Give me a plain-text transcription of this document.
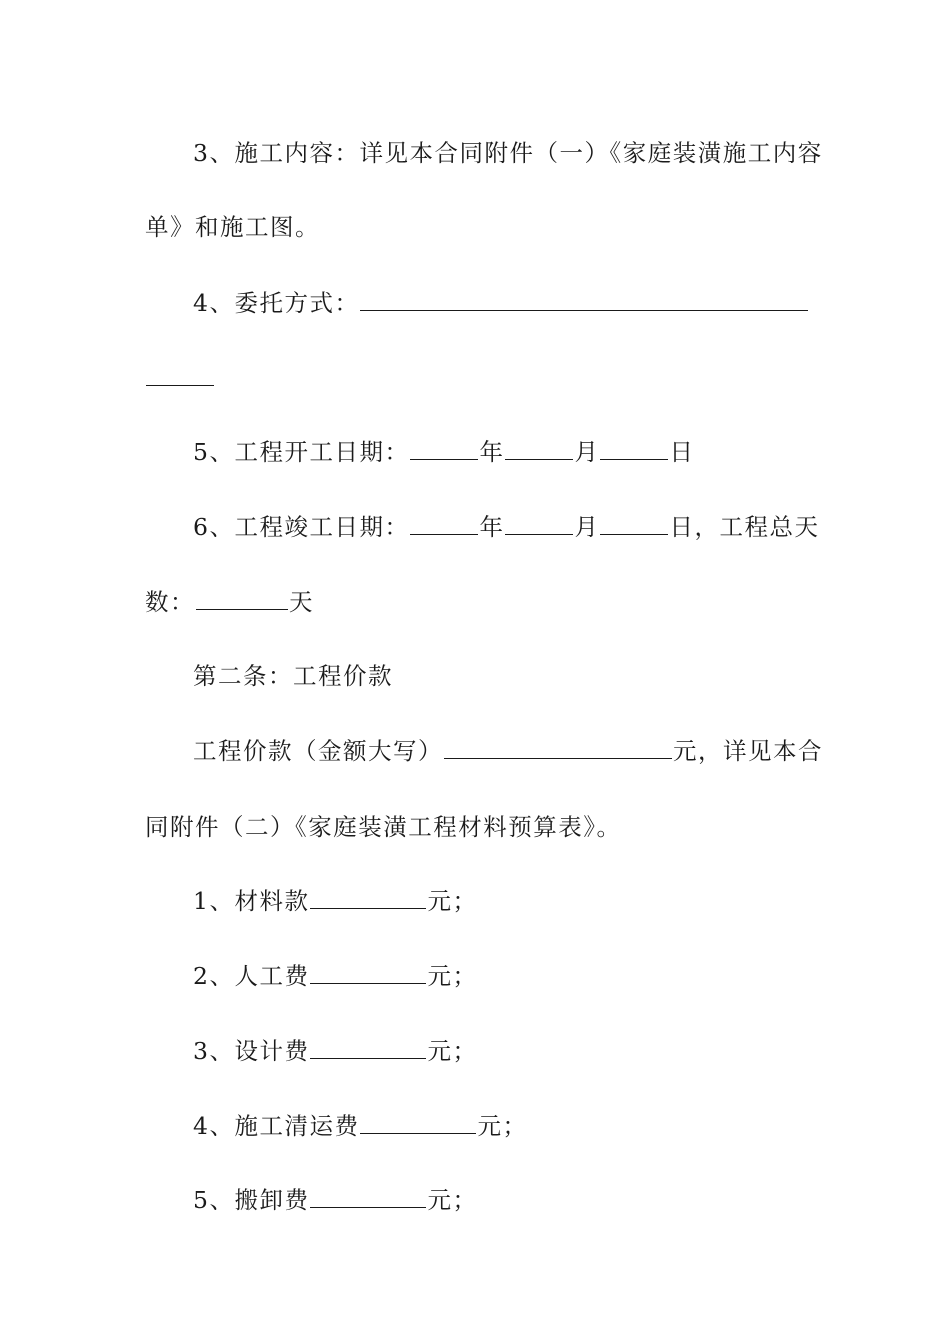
3、施工内容：详见本合同附件（一）《家庭装潢施工内容
单》和施工图。
4、委托方式：
5、工程开工日期：	年	月	日
6、工程竣工日期：	年	月	日，工程总天
数：	天
第二条：工程价款
工程价款（金额大写）	元，详见本合
同附件（二）《家庭装潢工程材料预算表》。
1、材料款	元；
2、人工费	元；
3、设计费	元；
4、施工清运费	元；
5、搬卸费	元；
